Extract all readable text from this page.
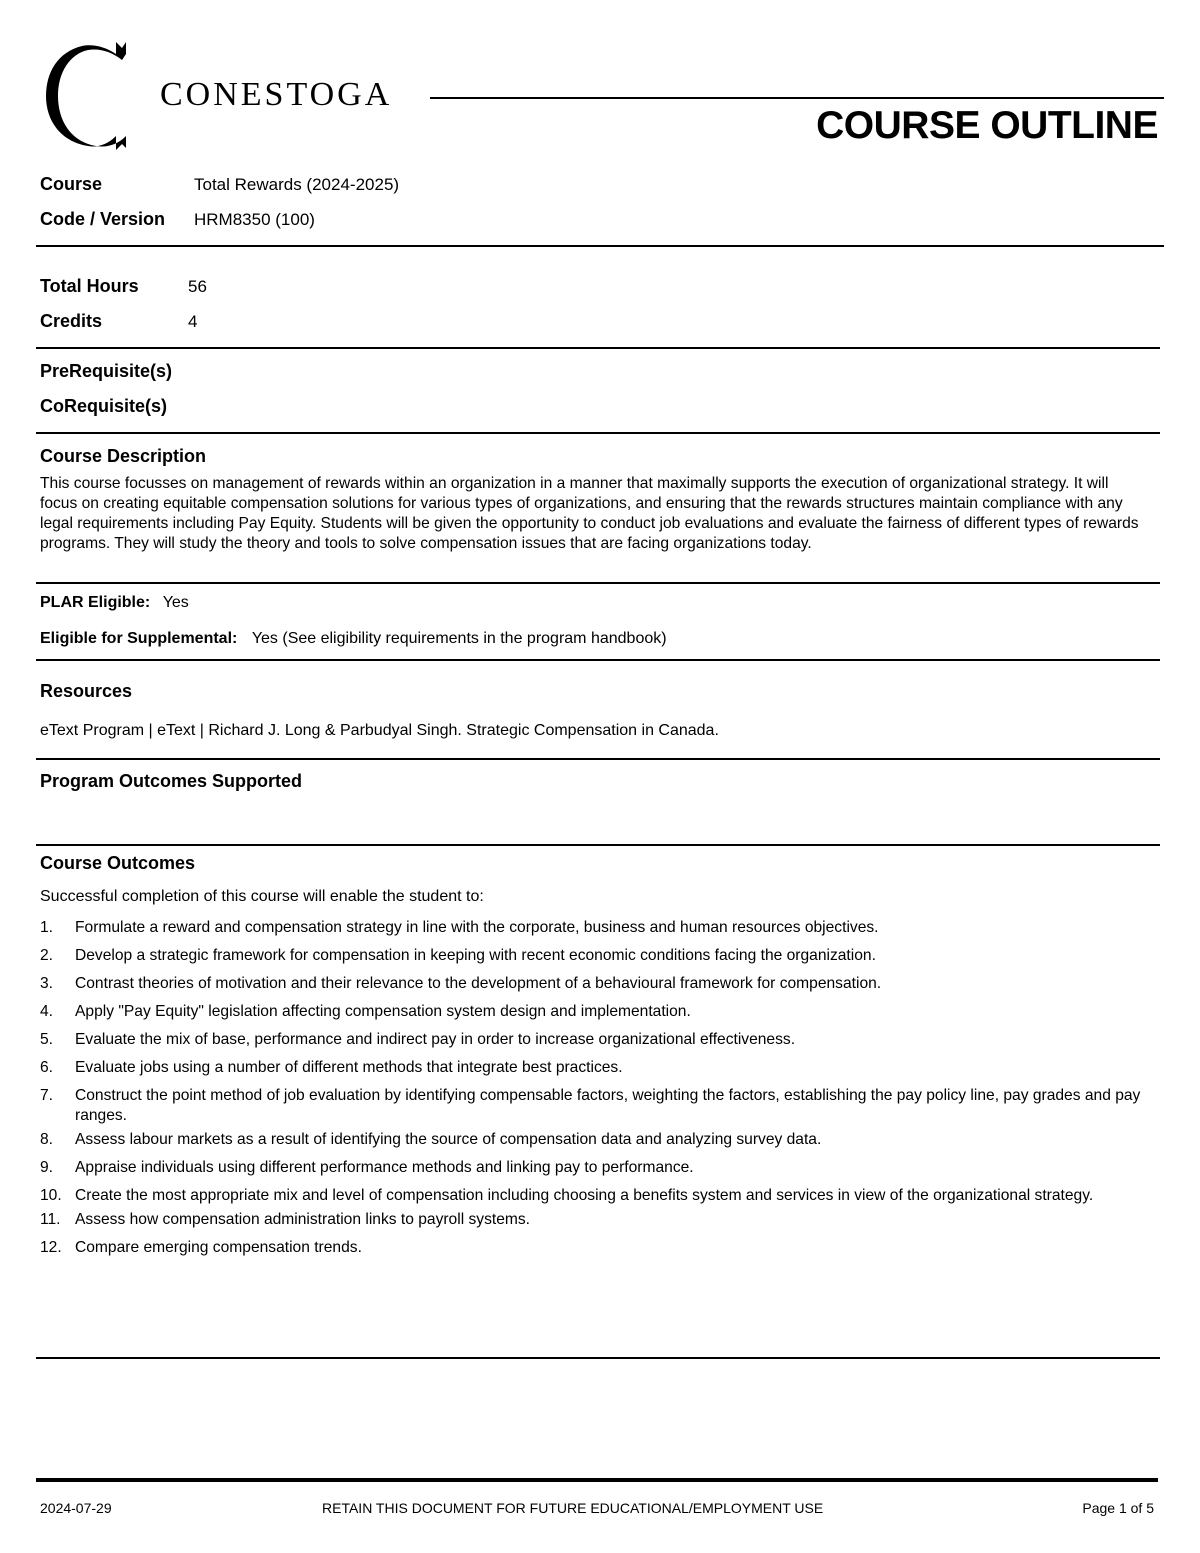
CONESTOGA
COURSE OUTLINE
Course	Total Rewards (2024-2025)
Code / Version HRM8350 (100)
Total Hours	56
Credits	4
PreRequisite(s)
CoRequisite(s)
Course Description
This course focusses on management of rewards within an organization in a manner that maximally supports the execution of organizational strategy. It will focus on creating equitable compensation solutions for various types of organizations, and ensuring that the rewards structures maintain compliance with any legal requirements including Pay Equity. Students will be given the opportunity to conduct job evaluations and evaluate the fairness of different types of rewards programs. They will study the theory and tools to solve compensation issues that are facing organizations today.
PLAR Eligible: Yes
Eligible for Supplemental: Yes (See eligibility requirements in the program handbook)
Resources
eText Program | eText | Richard J. Long & Parbudyal Singh. Strategic Compensation in Canada.
Program Outcomes Supported
Course Outcomes
Successful completion of this course will enable the student to:
1. Formulate a reward and compensation strategy in line with the corporate, business and human resources objectives.
2. Develop a strategic framework for compensation in keeping with recent economic conditions facing the organization.
3. Contrast theories of motivation and their relevance to the development of a behavioural framework for compensation.
4. Apply "Pay Equity" legislation affecting compensation system design and implementation.
5. Evaluate the mix of base, performance and indirect pay in order to increase organizational effectiveness.
6. Evaluate jobs using a number of different methods that integrate best practices.
7. Construct the point method of job evaluation by identifying compensable factors, weighting the factors, establishing the pay policy line, pay grades and pay ranges.
8. Assess labour markets as a result of identifying the source of compensation data and analyzing survey data.
9. Appraise individuals using different performance methods and linking pay to performance.
10. Create the most appropriate mix and level of compensation including choosing a benefits system and services in view of the organizational strategy.
11. Assess how compensation administration links to payroll systems.
12. Compare emerging compensation trends.
2024-07-29	RETAIN THIS DOCUMENT FOR FUTURE EDUCATIONAL/EMPLOYMENT USE	Page 1 of 5
